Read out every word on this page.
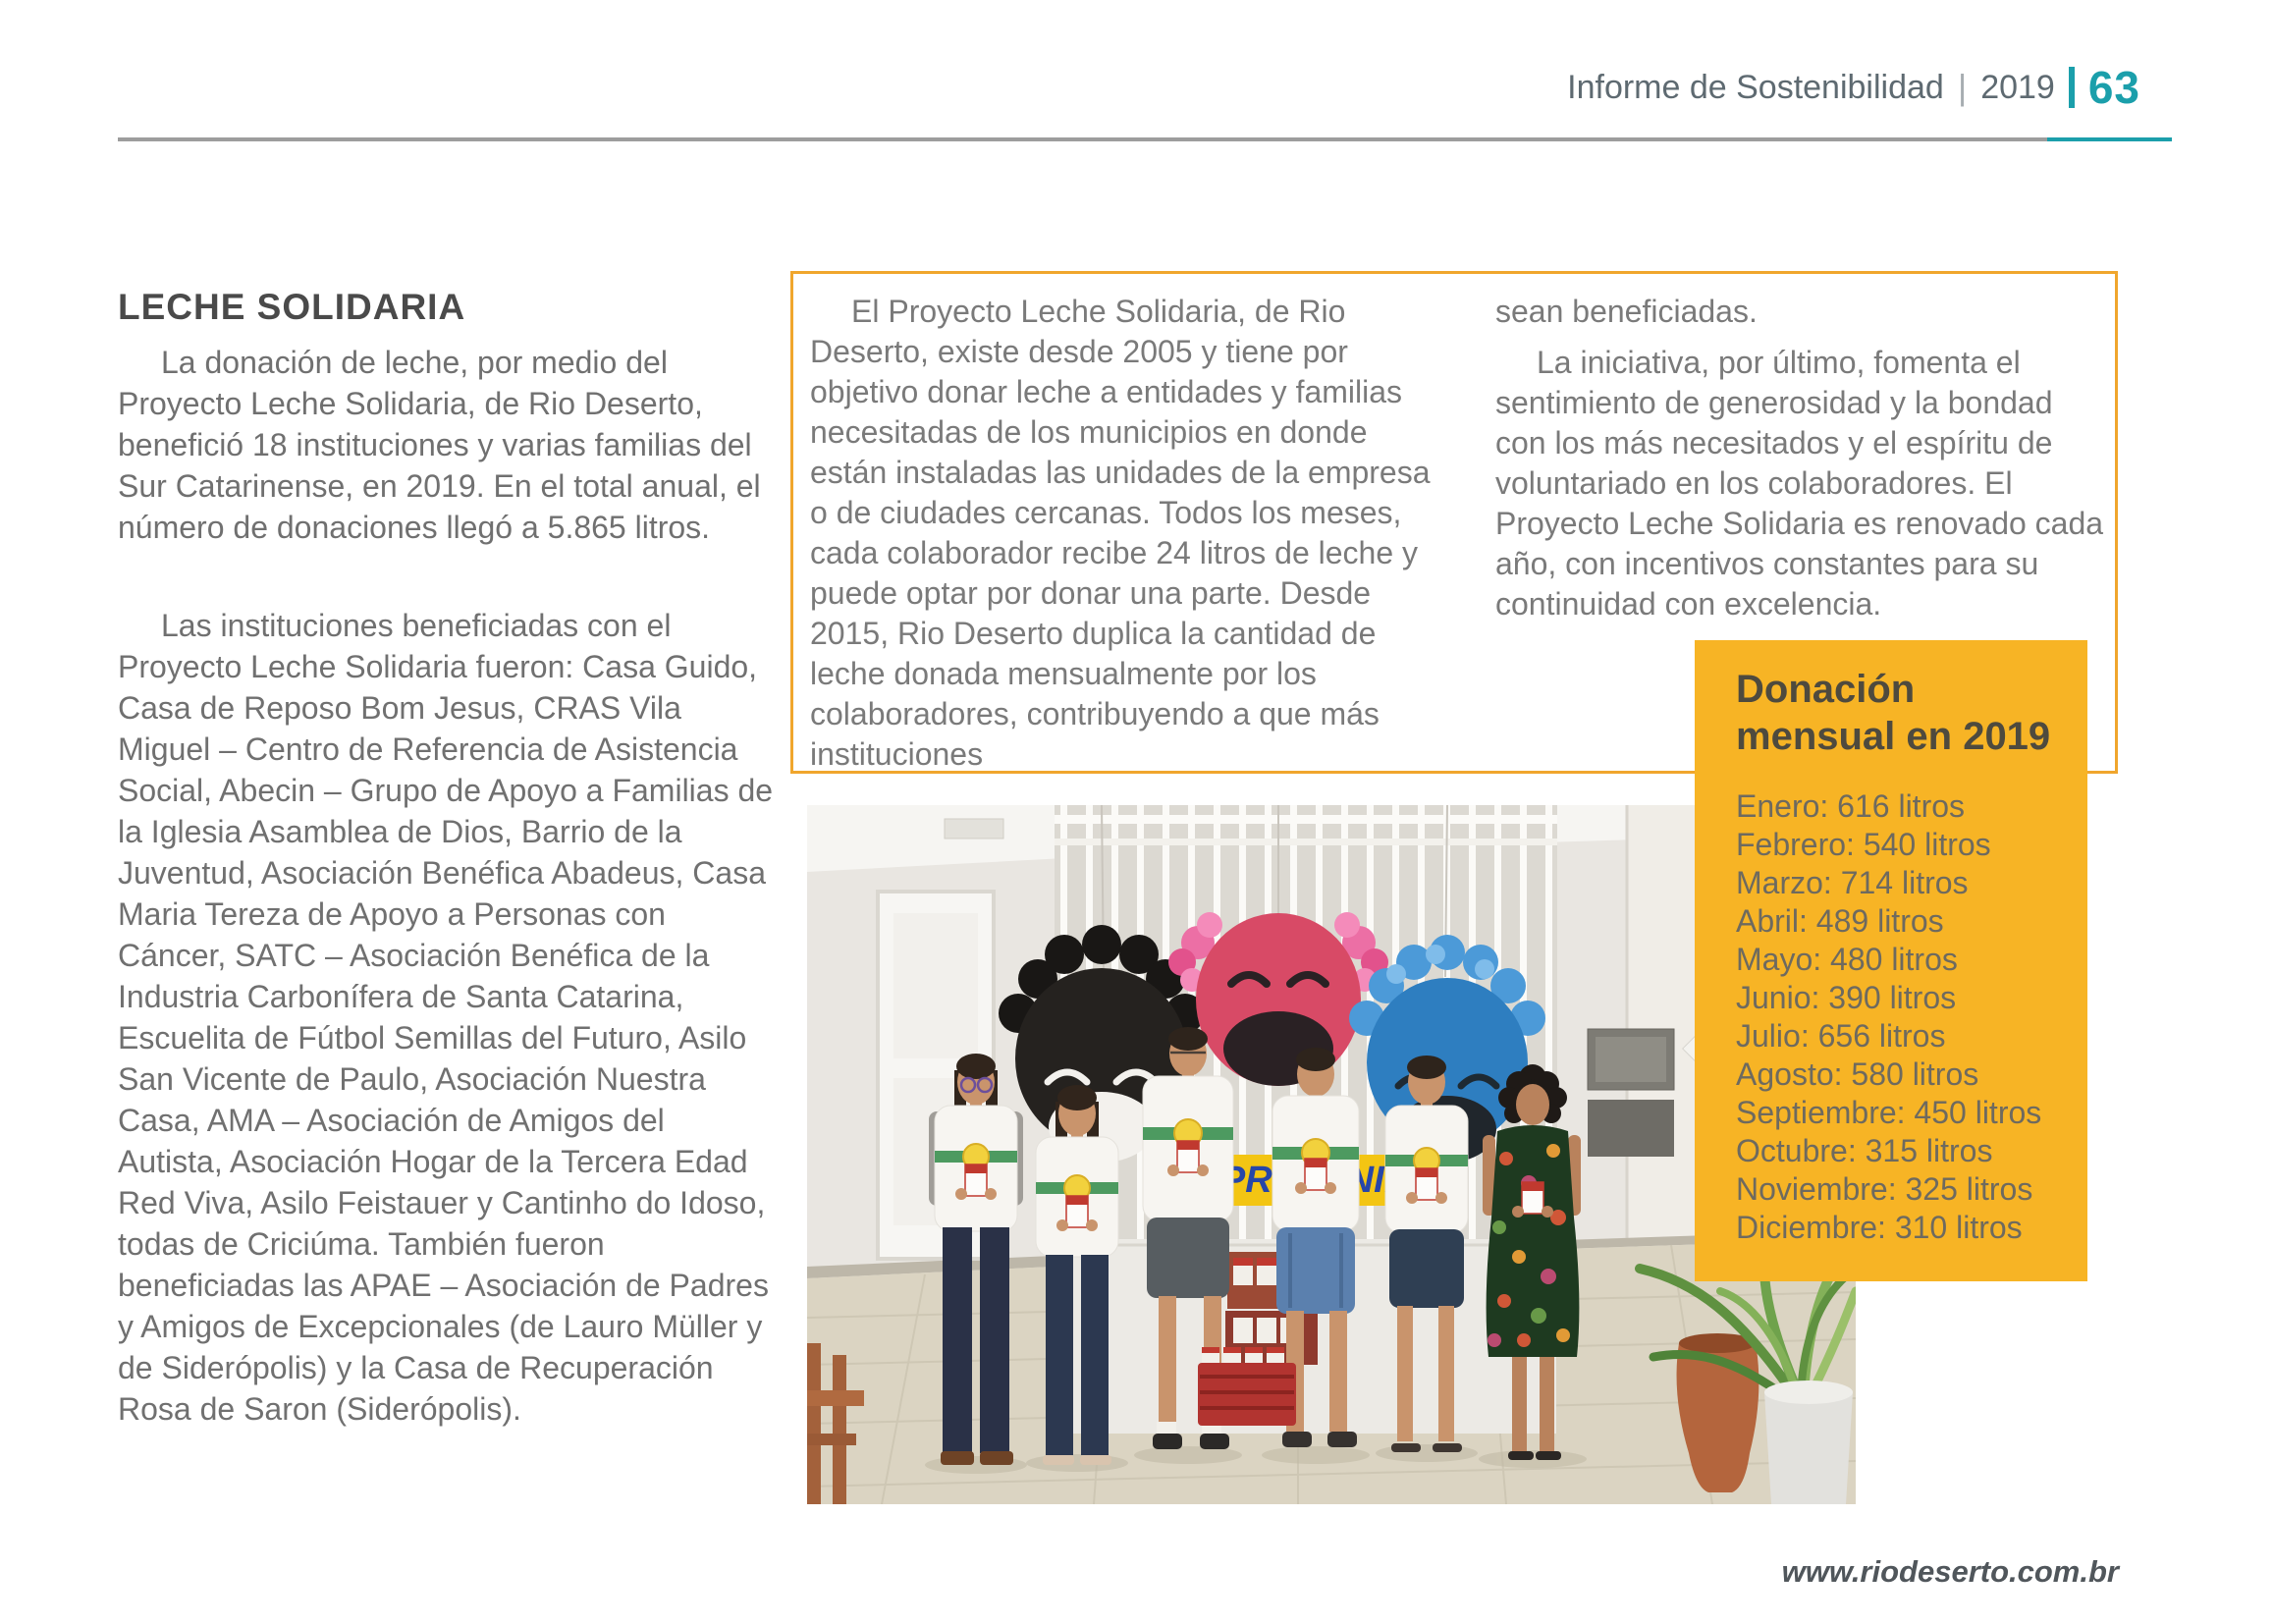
Informe de Sostenibilidad | 2019 63
LECHE SOLIDARIA

La donación de leche, por medio del Proyecto Leche Solidaria, de Rio Deserto, benefició 18 instituciones y varias familias del Sur Catarinense, en 2019. En el total anual, el número de donaciones llegó a 5.865 litros.

Las instituciones beneficiadas con el Proyecto Leche Solidaria fueron: Casa Guido, Casa de Reposo Bom Jesus, CRAS Vila Miguel – Centro de Referencia de Asistencia Social, Abecin – Grupo de Apoyo a Familias de la Iglesia Asamblea de Dios, Barrio de la Juventud, Asociación Benéfica Abadeus, Casa Maria Tereza de Apoyo a Personas con Cáncer, SATC – Asociación Benéfica de la Industria Carbonífera de Santa Catarina, Escuelita de Fútbol Semillas del Futuro, Asilo San Vicente de Paulo, Asociación Nuestra Casa, AMA – Asociación de Amigos del Autista, Asociación Hogar de la Tercera Edad Red Viva, Asilo Feistauer y Cantinho do Idoso, todas de Criciúma. También fueron beneficiadas las APAE – Asociación de Padres y Amigos de Excepcionales (de Lauro Müller y de Siderópolis) y la Casa de Recuperación Rosa de Saron (Siderópolis).

El Proyecto Leche Solidaria, de Rio Deserto, existe desde 2005 y tiene por objetivo donar leche a entidades y familias necesitadas de los municipios en donde están instaladas las unidades de la empresa o de ciudades cercanas. Todos los meses, cada colaborador recibe 24 litros de leche y puede optar por donar una parte. Desde 2015, Rio Deserto duplica la cantidad de leche donada mensualmente por los colaboradores, contribuyendo a que más instituciones

sean beneficiadas.

La iniciativa, por último, fomenta el sentimiento de generosidad y la bondad con los más necesitados y el espíritu de voluntariado en los colaboradores. El Proyecto Leche Solidaria es renovado cada año, con incentivos constantes para su continuidad con excelencia.

Donación
mensual en 2019
Enero: 616 litros
Febrero: 540 litros
Marzo: 714 litros
Abril: 489 litros
Mayo: 480 litros
Junio: 390 litros
Julio: 656 litros
Agosto: 580 litros
Septiembre: 450 litros
Octubre: 315 litros
Noviembre: 325 litros
Diciembre: 310 litros
www.riodeserto.com.br
